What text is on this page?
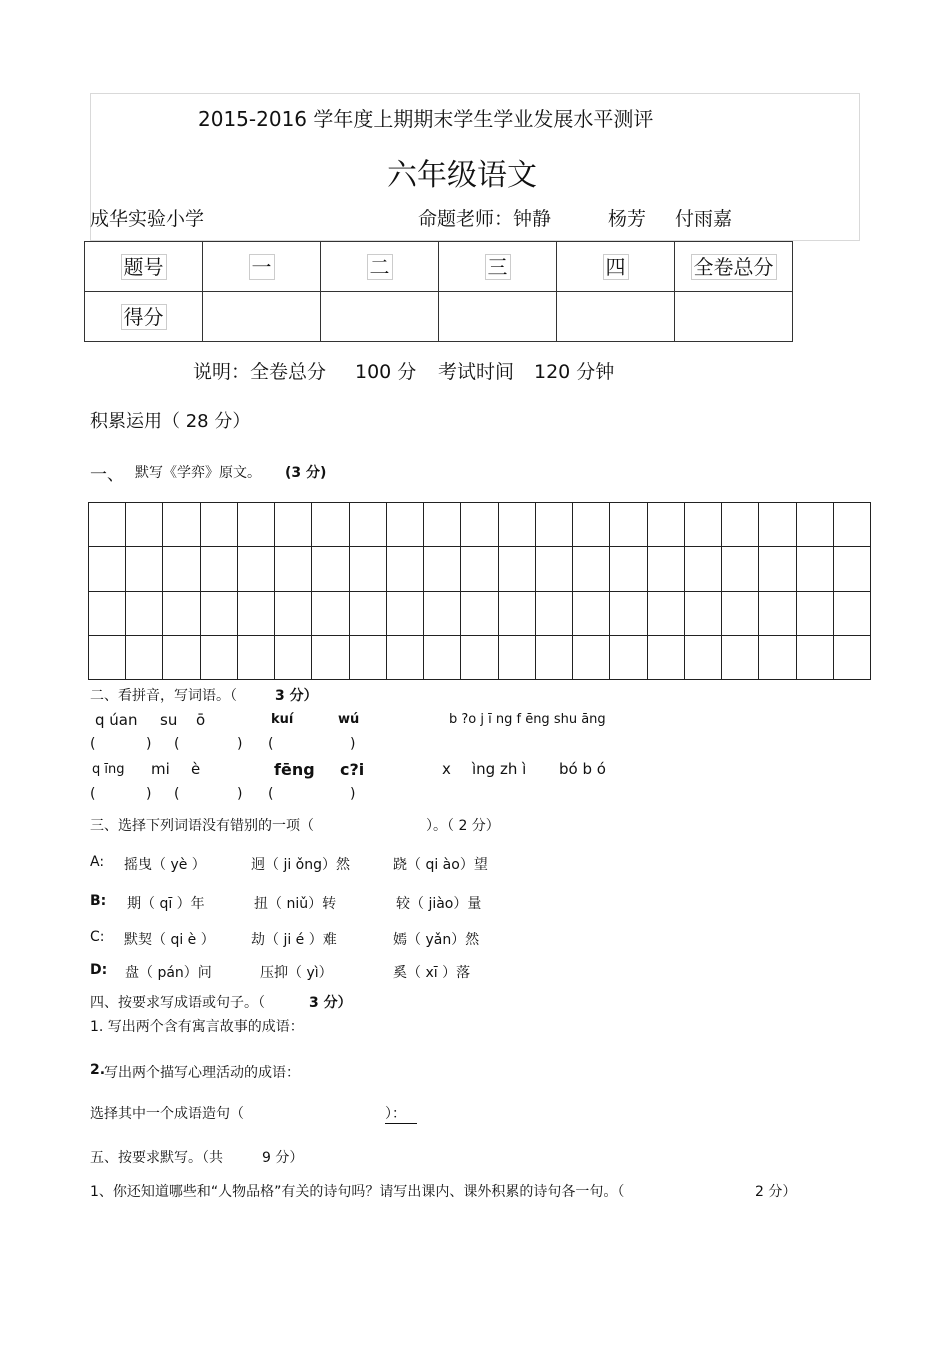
2015-2016 学年度上期期末学生学业发展水平测评
六年级语文
成华实验小学	命题老师：钟静	杨芳 付雨嘉
题号	一	二	三	四	全卷总分
得分					
说明：全卷总分 100 分 考试时间 120 分钟
积累运用（ 28 分）
一、 默写《学弈》原文。 (3 分)
二、看拼音，写词语。（	3 分）
q úan su ō	kuí	wú	b ?o j ī ng f ēng shu āng
(	) (	) (	)
q īng mi è	fēng c?i	x ìng zh ì bó b ó
(	) (	) (	)
三、选择下列词语没有错别的一项（	）。（ 2 分）
A: 摇曳（ yè ）	迥（ ji ǒng）然	跷（ qi ào）望
B: 期（ qī ）年	扭（ niǔ）转	较（ jiào）量
C: 默契（ qi è ）	劫（ ji é ）难	嫣（ yǎn）然
D: 盘（ pán）问	压抑（ yì）	奚（ xī ）落
四、按要求写成语或句子。（	3 分）
1. 写出两个含有寓言故事的成语：
2.
写出两个描写心理活动的成语：
选择其中一个成语造句（	）：
五、按要求默写。（共	9 分）
1、你还知道哪些和“人物品格”有关的诗句吗？请写出课内、课外积累的诗句各一句。（	2 分）
